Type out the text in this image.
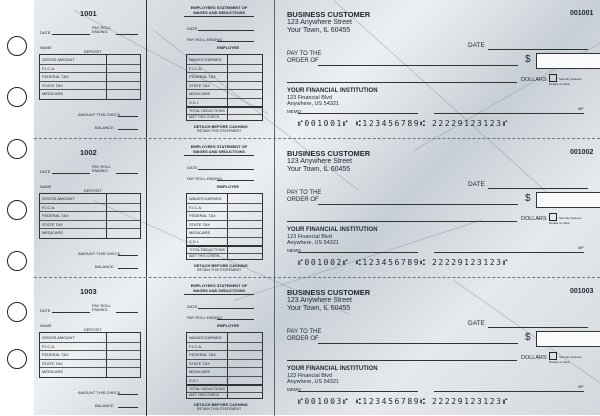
1001
DATE
PAY ROLL ENDING
NAME
DEPOSIT
GROSS AMOUNT
F.I.C.A.
FEDERAL TAX
STATE TAX
MEDICARE
AMOUNT THIS CHECK
BALANCE
EMPLOYEES STATEMENT OF WAGES AND DEDUCTIONS
DATE
PAY ROLL ENDING
EMPLOYEE
WAGES EARNED
F.I.C.A.
FEDERAL TAX
STATE TAX
MEDICARE
S.D.I.
TOTAL DEDUCTIONS
AMT THIS CHECK
DETACH BEFORE CASHING
RETAIN THIS STATEMENT
BUSINESS CUSTOMER
123 Anywhere Street
Your Town, IL 60455
001001
DATE
PAY TO THE
ORDER OF	$
DOLLARS	Security features. Details on back.
YOUR FINANCIAL INSTITUTION
123 Financial Blvd
Anywhere, US 54321
MEMO	MP
⑈001001⑈ ⑆123456789⑆ 22229123123⑈
1002
DATE
PAY ROLL ENDING
NAME
DEPOSIT
GROSS AMOUNT
F.I.C.A.
FEDERAL TAX
STATE TAX
MEDICARE
AMOUNT THIS CHECK
BALANCE
EMPLOYEES STATEMENT OF WAGES AND DEDUCTIONS
DATE
PAY ROLL ENDING
EMPLOYEE
WAGES EARNED
F.I.C.A.
FEDERAL TAX
STATE TAX
MEDICARE
S.D.I.
TOTAL DEDUCTIONS
AMT THIS CHECK
DETACH BEFORE CASHING
RETAIN THIS STATEMENT
BUSINESS CUSTOMER
123 Anywhere Street
Your Town, IL 60455
001002
DATE
PAY TO THE
ORDER OF	$
DOLLARS	Security features. Details on back.
YOUR FINANCIAL INSTITUTION
123 Financial Blvd
Anywhere, US 54321
MEMO	MP
⑈001002⑈ ⑆123456789⑆ 22229123123⑈
1003
DATE
PAY ROLL ENDING
NAME
DEPOSIT
GROSS AMOUNT
F.I.C.A.
FEDERAL TAX
STATE TAX
MEDICARE
AMOUNT THIS CHECK
BALANCE
EMPLOYEES STATEMENT OF WAGES AND DEDUCTIONS
DATE
PAY ROLL ENDING
EMPLOYEE
WAGES EARNED
F.I.C.A.
FEDERAL TAX
STATE TAX
MEDICARE
S.D.I.
TOTAL DEDUCTIONS
AMT THIS CHECK
DETACH BEFORE CASHING
RETAIN THIS STATEMENT
BUSINESS CUSTOMER
123 Anywhere Street
Your Town, IL 60455
001003
DATE
PAY TO THE
ORDER OF	$
DOLLARS	Security features. Details on back.
YOUR FINANCIAL INSTITUTION
123 Financial Blvd
Anywhere, US 54321
MEMO	MP
⑈001003⑈ ⑆123456789⑆ 22229123123⑈
